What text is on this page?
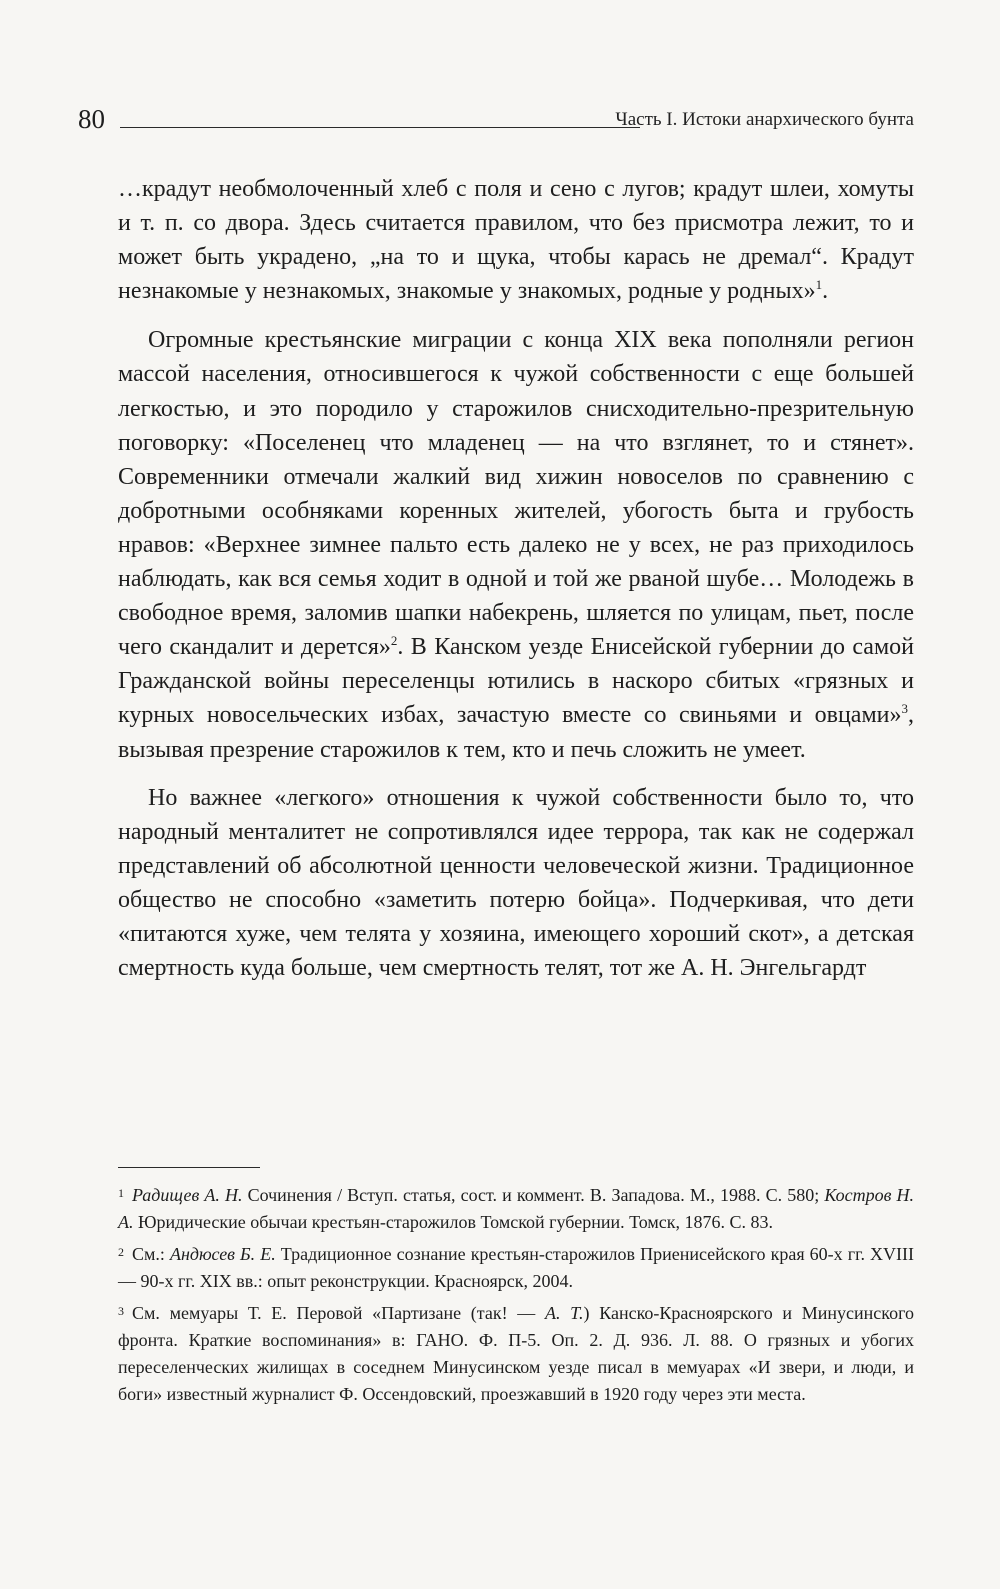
80	Часть I. Истоки анархического бунта

…крадут необмолоченный хлеб с поля и сено с лугов; крадут шлеи, хомуты и т. п. со двора. Здесь считается правилом, что без присмотра лежит, то и может быть украдено, „на то и щука, чтобы карась не дремал“. Крадут незнакомые у незнакомых, знакомые у знакомых, родные у родных»$^1$.

Огромные крестьянские миграции с конца XIX века пополняли регион массой населения, относившегося к чужой собственности с еще большей легкостью, и это породило у старожилов снисходительно-презрительную поговорку: «Поселенец что младенец — на что взглянет, то и стянет». Современники отмечали жалкий вид хижин новоселов по сравнению с добротными особняками коренных жителей, убогость быта и грубость нравов: «Верхнее зимнее пальто есть далеко не у всех, не раз приходилось наблюдать, как вся семья ходит в одной и той же рваной шубе… Молодежь в свободное время, заломив шапки набекрень, шляется по улицам, пьет, после чего скандалит и дерется»$^2$. В Канском уезде Енисейской губернии до самой Гражданской войны переселенцы ютились в наскоро сбитых «грязных и курных новосельческих избах, зачастую вместе со свиньями и овцами»$^3$, вызывая презрение старожилов к тем, кто и печь сложить не умеет.

Но важнее «легкого» отношения к чужой собственности было то, что народный менталитет не сопротивлялся идее террора, так как не содержал представлений об абсолютной ценности человеческой жизни. Традиционное общество не способно «заметить потерю бойца». Подчеркивая, что дети «питаются хуже, чем телята у хозяина, имеющего хороший скот», а детская смертность куда больше, чем смертность телят, тот же А. Н. Энгельгардт

$^1$ Радищев А. Н. Сочинения / Вступ. статья, сост. и коммент. В. Западова. М., 1988. С. 580; Костров Н. А. Юридические обычаи крестьян-старожилов Томской губернии. Томск, 1876. С. 83.

$^2$ См.: Андюсев Б. Е. Традиционное сознание крестьян-старожилов Приенисейского края 60-х гг. XVIII — 90-х гг. XIX вв.: опыт реконструкции. Красноярск, 2004.

$^3$ См. мемуары Т. Е. Перовой «Партизане (так! — А. Т.) Канско-Красноярского и Минусинского фронта. Краткие воспоминания» в: ГАНО. Ф. П-5. Оп. 2. Д. 936. Л. 88. О грязных и убогих переселенческих жилищах в соседнем Минусинском уезде писал в мемуарах «И звери, и люди, и боги» известный журналист Ф. Оссендовский, проезжавший в 1920 году через эти места.
